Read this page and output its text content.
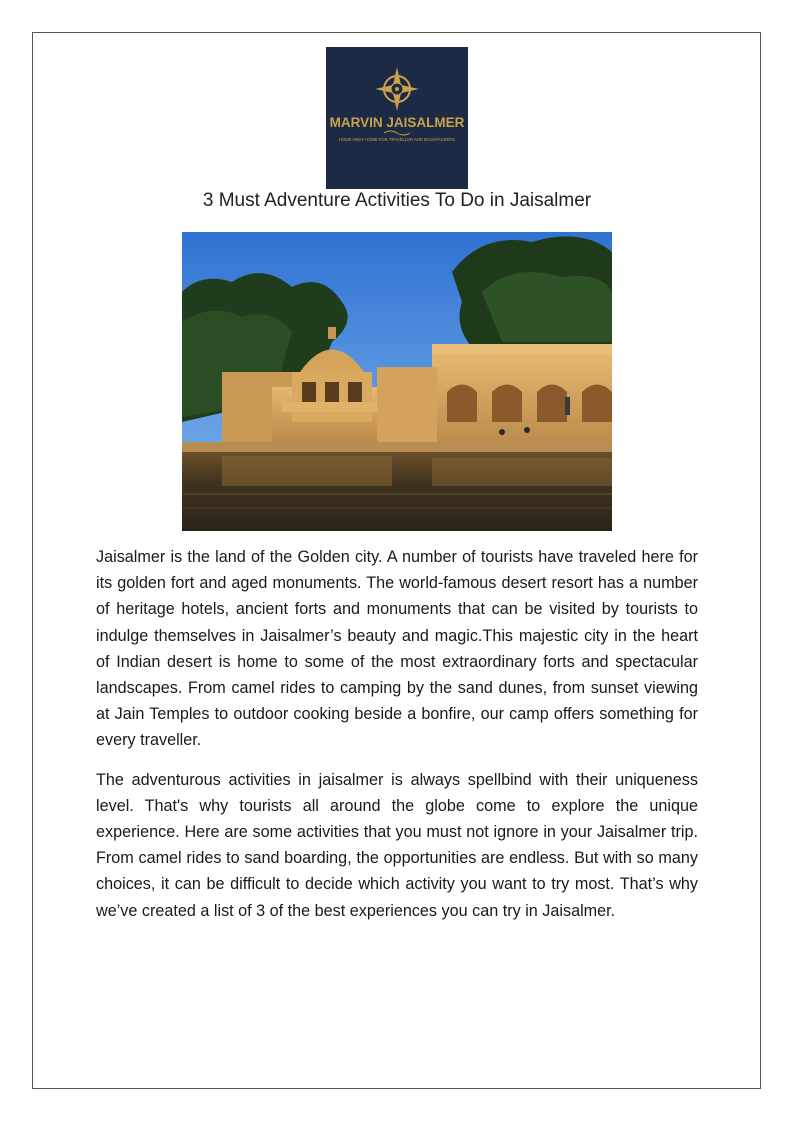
MARVIN JAISALMER
HOME AWAY HOME FOR TRAVELLER AND BACKPACKERS
3 Must Adventure Activities To Do in Jaisalmer

Jaisalmer is the land of the Golden city. A number of tourists have traveled here for its golden fort and aged monuments. The world-famous desert resort has a number of heritage hotels, ancient forts and monuments that can be visited by tourists to indulge themselves in Jaisalmer’s beauty and magic.This majestic city in the heart of Indian desert is home to some of the most extraordinary forts and spectacular landscapes. From camel rides to camping by the sand dunes, from sunset viewing at Jain Temples to outdoor cooking beside a bonfire, our camp offers something for every traveller.

The adventurous activities in jaisalmer is always spellbind with their uniqueness level. That's why tourists all around the globe come to explore the unique experience. Here are some activities that you must not ignore in your Jaisalmer trip. From camel rides to sand boarding, the opportunities are endless. But with so many choices, it can be difficult to decide which activity you want to try most. That’s why we’ve created a list of 3 of the best experiences you can try in Jaisalmer.
